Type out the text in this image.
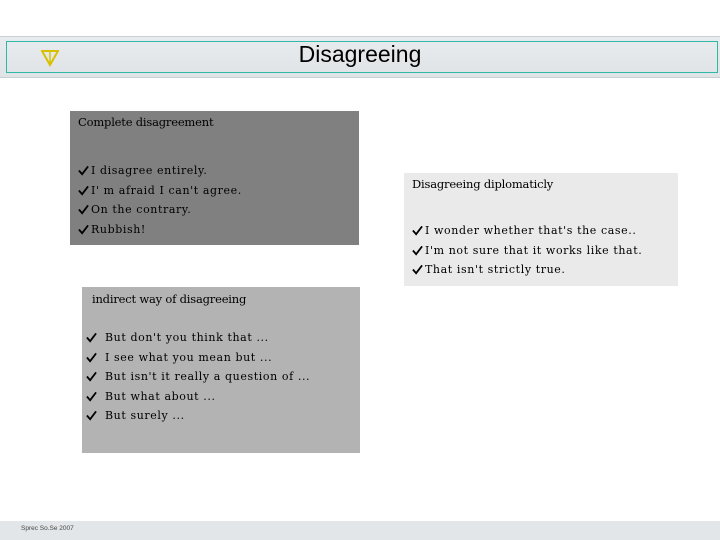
Disagreeing
Complete disagreement
I disagree entirely.
I' m afraid I can't agree.
On the contrary.
Rubbish!
indirect way of disagreeing
But don't you think that ...
I see what you mean but ...
But isn't it really a question of ...
But what about ...
But surely ...
Disagreeing diplomaticly
I wonder whether that's the case..
I'm not sure that it works like that.
That isn't strictly true.
Sprec So.Se 2007
